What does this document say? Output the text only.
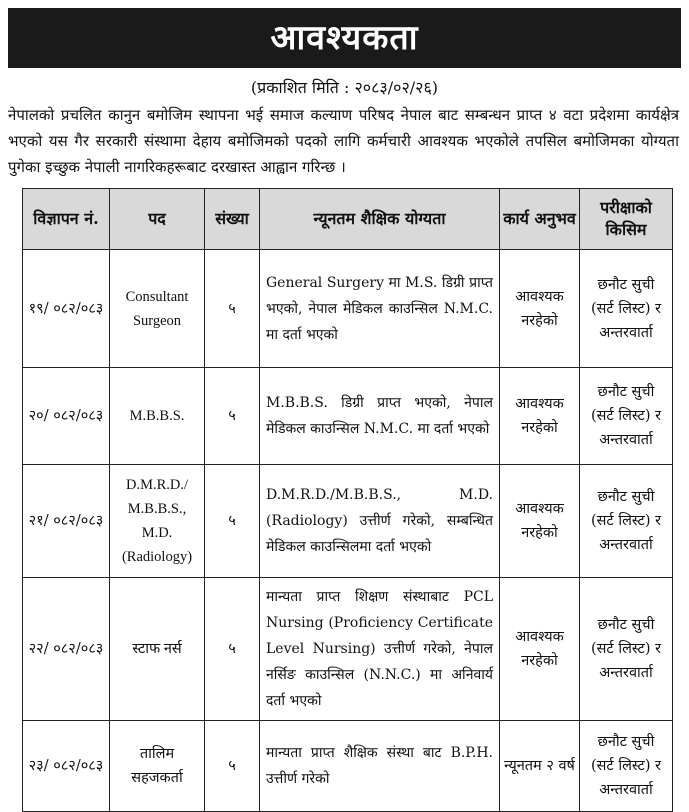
आवश्यकता
(प्रकाशित मिति : २०८३/०२/२६)
नेपालको प्रचलित कानुन बमोजिम स्थापना भई समाज कल्याण परिषद नेपाल बाट सम्बन्धन प्राप्त ४ वटा प्रदेशमा कार्यक्षेत्र भएको यस गैर सरकारी संस्थामा देहाय बमोजिमको पदको लागि कर्मचारी आवश्यक भएकोले तपसिल बमोजिमका योग्यता पुगेका इच्छुक नेपाली नागरिकहरूबाट दरखास्त आह्वान गरिन्छ ।
विज्ञापन नं.	पद	संख्या	न्यूनतम शैक्षिक योग्यता	कार्य अनुभव	परीक्षाको किसिम
१९/ ०८२/०८३	Consultant Surgeon	५	General Surgery मा M.S. डिग्री प्राप्त भएको, नेपाल मेडिकल काउन्सिल N.M.C. मा दर्ता भएको	आवश्यक नरहेको	छनौट सुची (सर्ट लिस्ट) र अन्तरवार्ता
२०/ ०८२/०८३	M.B.B.S.	५	M.B.B.S. डिग्री प्राप्त भएको, नेपाल मेडिकल काउन्सिल N.M.C. मा दर्ता भएको	आवश्यक नरहेको	छनौट सुची (सर्ट लिस्ट) र अन्तरवार्ता
२१/ ०८२/०८३	D.M.R.D./ M.B.B.S., M.D. (Radiology)	५	D.M.R.D./M.B.B.S., M.D.(Radiology) उत्तीर्ण गरेको, सम्बन्धित मेडिकल काउन्सिलमा दर्ता भएको	आवश्यक नरहेको	छनौट सुची (सर्ट लिस्ट) र अन्तरवार्ता
२२/ ०८२/०८३	स्टाफ नर्स	५	मान्यता प्राप्त शिक्षण संस्थाबाट PCL Nursing (Proficiency Certificate Level Nursing) उत्तीर्ण गरेको, नेपाल नर्सिङ काउन्सिल (N.N.C.) मा अनिवार्य दर्ता भएको	आवश्यक नरहेको	छनौट सुची (सर्ट लिस्ट) र अन्तरवार्ता
२३/ ०८२/०८३	तालिम सहजकर्ता	५	मान्यता प्राप्त शैक्षिक संस्था बाट B.P.H. उत्तीर्ण गरेको	न्यूनतम २ वर्ष	छनौट सुची (सर्ट लिस्ट) र अन्तरवार्ता
